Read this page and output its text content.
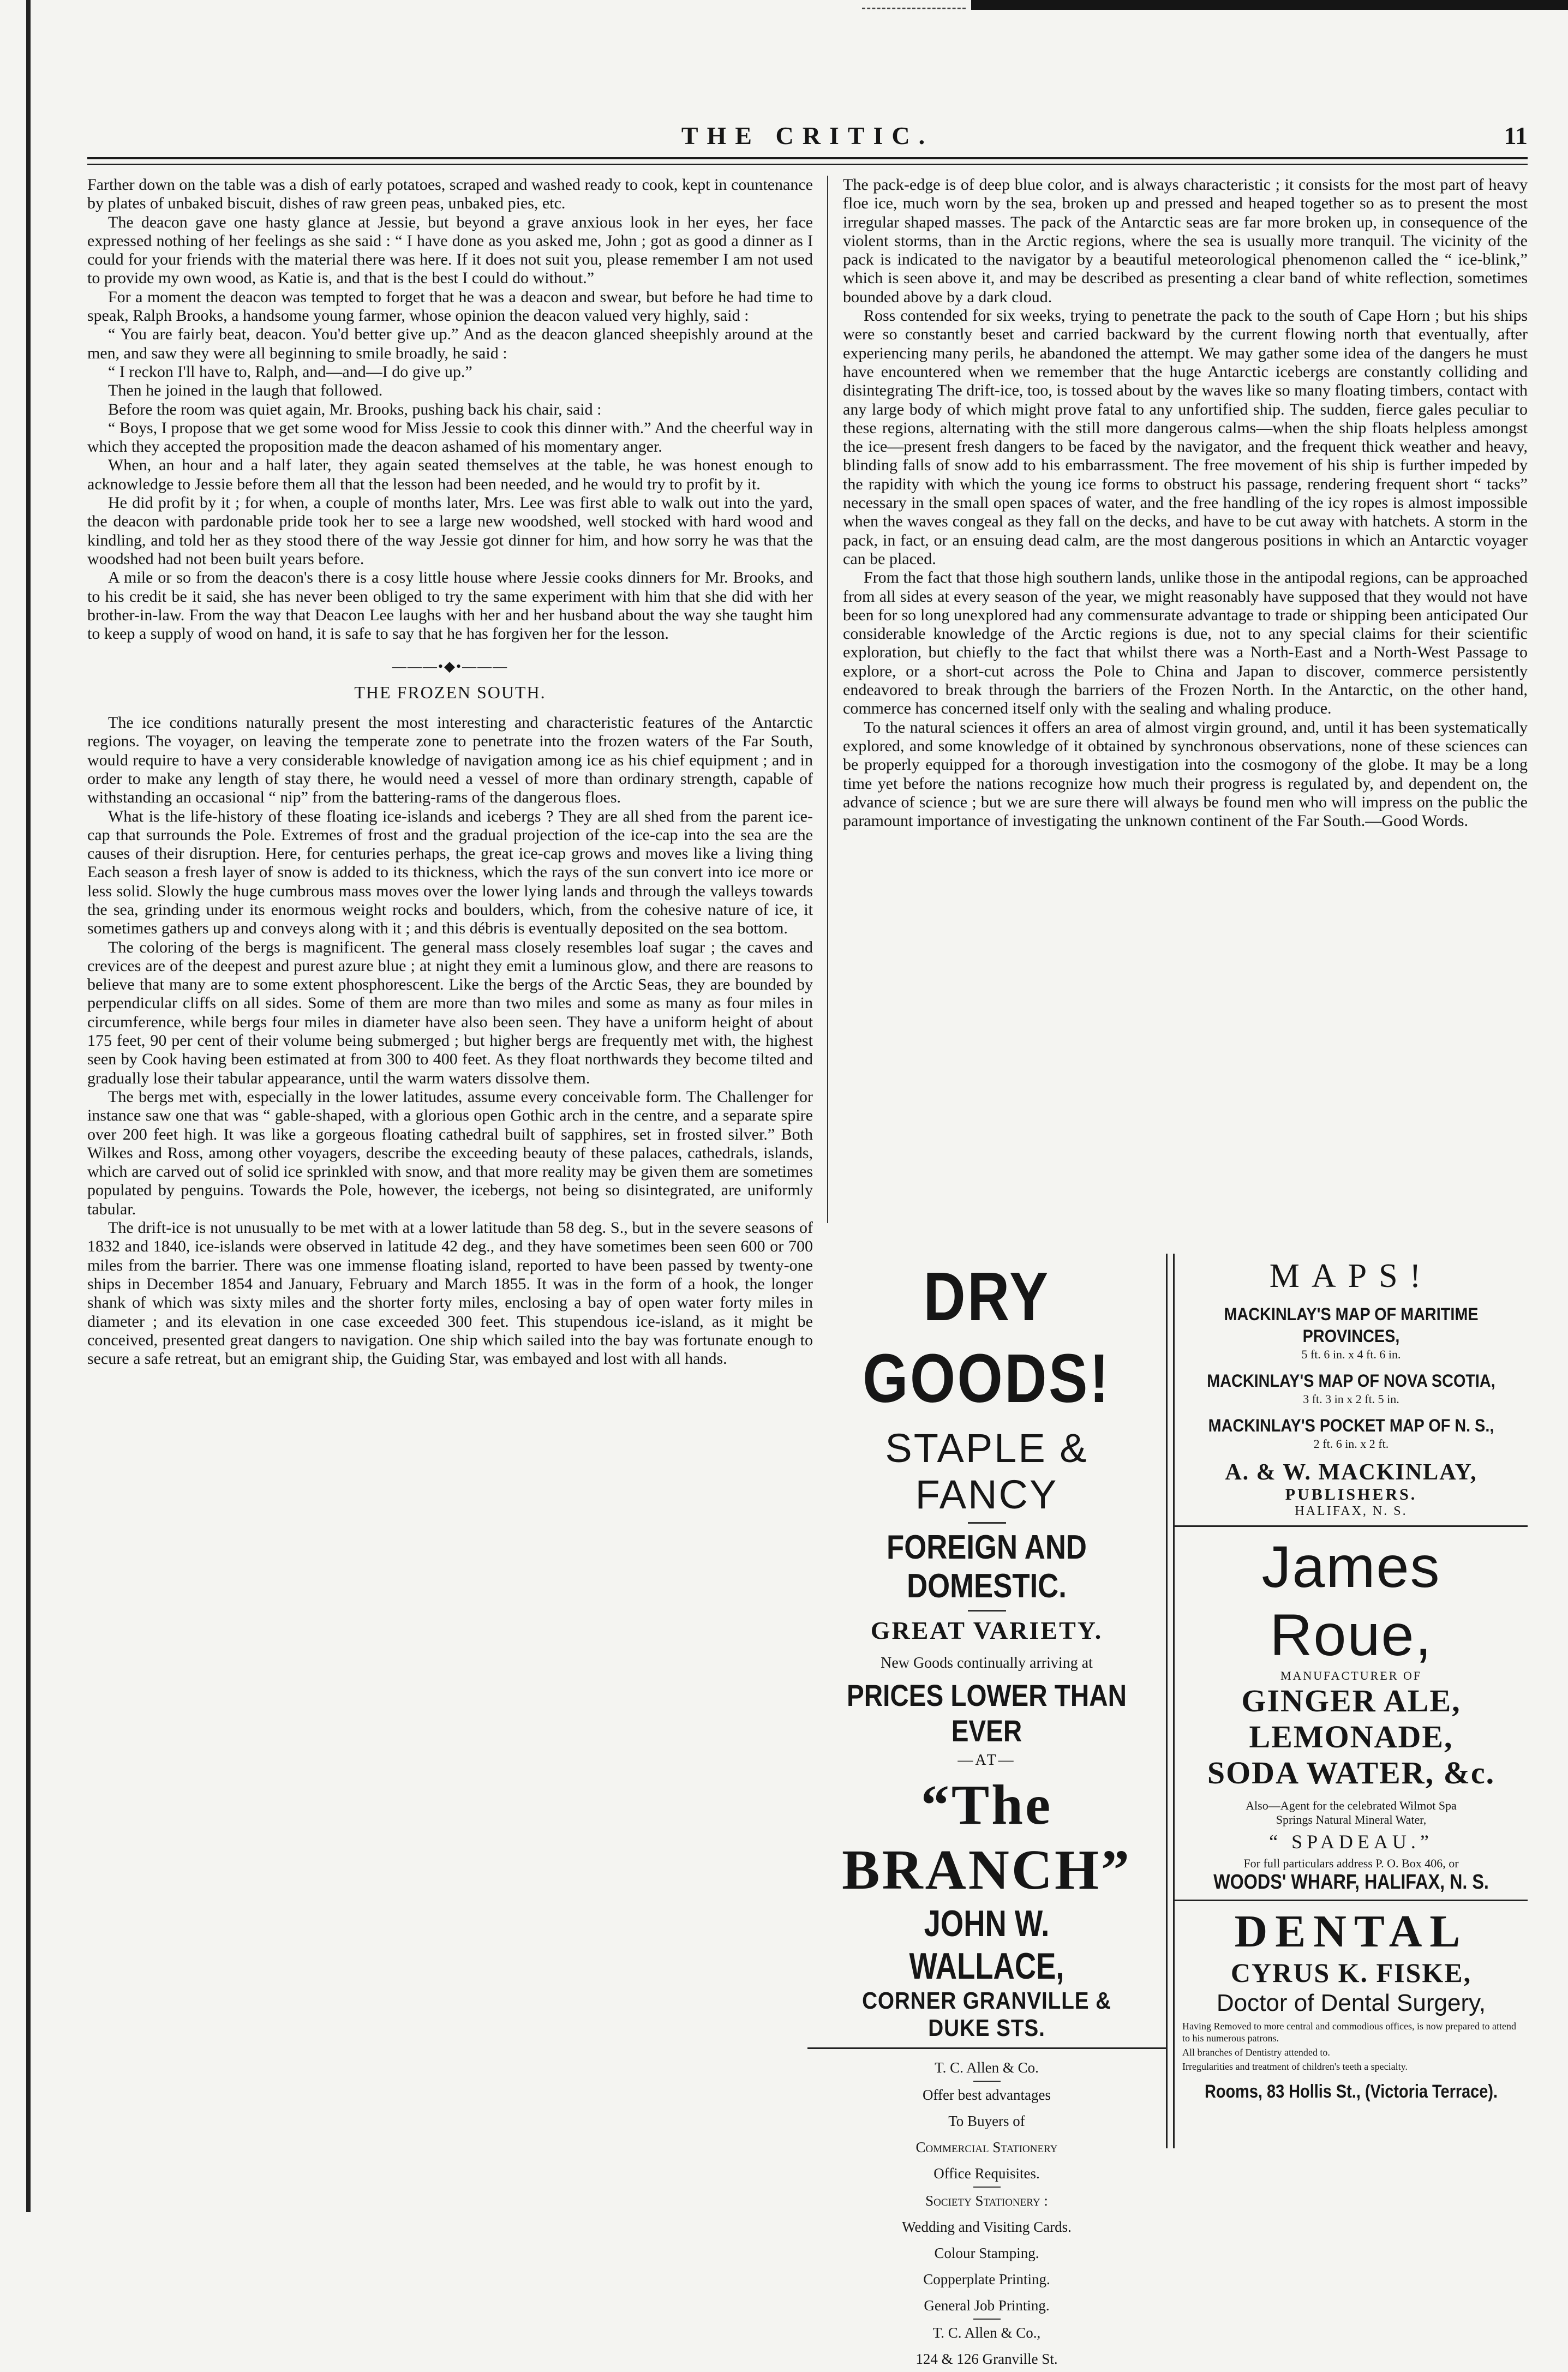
THE CRITIC.	11

Farther down on the table was a dish of early potatoes, scraped and washed ready to cook, kept in countenance by plates of unbaked biscuit, dishes of raw green peas, unbaked pies, etc.

The deacon gave one hasty glance at Jessie, but beyond a grave anxious look in her eyes, her face expressed nothing of her feelings as she said : “ I have done as you asked me, John ; got as good a dinner as I could for your friends with the material there was here. If it does not suit you, please remember I am not used to provide my own wood, as Katie is, and that is the best I could do without.”

For a moment the deacon was tempted to forget that he was a deacon and swear, but before he had time to speak, Ralph Brooks, a handsome young farmer, whose opinion the deacon valued very highly, said :

“ You are fairly beat, deacon. You'd better give up.” And as the deacon glanced sheepishly around at the men, and saw they were all beginning to smile broadly, he said :

“ I reckon I'll have to, Ralph, and—and—I do give up.”

Then he joined in the laugh that followed.

Before the room was quiet again, Mr. Brooks, pushing back his chair, said :

“ Boys, I propose that we get some wood for Miss Jessie to cook this dinner with.” And the cheerful way in which they accepted the proposition made the deacon ashamed of his momentary anger.

When, an hour and a half later, they again seated themselves at the table, he was honest enough to acknowledge to Jessie before them all that the lesson had been needed, and he would try to profit by it.

He did profit by it ; for when, a couple of months later, Mrs. Lee was first able to walk out into the yard, the deacon with pardonable pride took her to see a large new woodshed, well stocked with hard wood and kindling, and told her as they stood there of the way Jessie got dinner for him, and how sorry he was that the woodshed had not been built years before.

A mile or so from the deacon's there is a cosy little house where Jessie cooks dinners for Mr. Brooks, and to his credit be it said, she has never been obliged to try the same experiment with him that she did with her brother-in-law. From the way that Deacon Lee laughs with her and her husband about the way she taught him to keep a supply of wood on hand, it is safe to say that he has forgiven her for the lesson.

———•◆•———
THE FROZEN SOUTH.

The ice conditions naturally present the most interesting and characteristic features of the Antarctic regions. The voyager, on leaving the temperate zone to penetrate into the frozen waters of the Far South, would require to have a very considerable knowledge of navigation among ice as his chief equipment ; and in order to make any length of stay there, he would need a vessel of more than ordinary strength, capable of withstanding an occasional “ nip” from the battering-rams of the dangerous floes.

What is the life-history of these floating ice-islands and icebergs ? They are all shed from the parent ice-cap that surrounds the Pole. Extremes of frost and the gradual projection of the ice-cap into the sea are the causes of their disruption. Here, for centuries perhaps, the great ice-cap grows and moves like a living thing Each season a fresh layer of snow is added to its thickness, which the rays of the sun convert into ice more or less solid. Slowly the huge cumbrous mass moves over the lower lying lands and through the valleys towards the sea, grinding under its enormous weight rocks and boulders, which, from the cohesive nature of ice, it sometimes gathers up and conveys along with it ; and this débris is eventually deposited on the sea bottom.

The coloring of the bergs is magnificent. The general mass closely resembles loaf sugar ; the caves and crevices are of the deepest and purest azure blue ; at night they emit a luminous glow, and there are reasons to believe that many are to some extent phosphorescent. Like the bergs of the Arctic Seas, they are bounded by perpendicular cliffs on all sides. Some of them are more than two miles and some as many as four miles in circumference, while bergs four miles in diameter have also been seen. They have a uniform height of about 175 feet, 90 per cent of their volume being submerged ; but higher bergs are frequently met with, the highest seen by Cook having been estimated at from 300 to 400 feet. As they float northwards they become tilted and gradually lose their tabular appearance, until the warm waters dissolve them.

The bergs met with, especially in the lower latitudes, assume every conceivable form. The Challenger for instance saw one that was “ gable-shaped, with a glorious open Gothic arch in the centre, and a separate spire over 200 feet high. It was like a gorgeous floating cathedral built of sapphires, set in frosted silver.” Both Wilkes and Ross, among other voyagers, describe the exceeding beauty of these palaces, cathedrals, islands, which are carved out of solid ice sprinkled with snow, and that more reality may be given them are sometimes populated by penguins. Towards the Pole, however, the icebergs, not being so disintegrated, are uniformly tabular.

The drift-ice is not unusually to be met with at a lower latitude than 58 deg. S., but in the severe seasons of 1832 and 1840, ice-islands were observed in latitude 42 deg., and they have sometimes been seen 600 or 700 miles from the barrier. There was one immense floating island, reported to have been passed by twenty-one ships in December 1854 and January, February and March 1855. It was in the form of a hook, the longer shank of which was sixty miles and the shorter forty miles, enclosing a bay of open water forty miles in diameter ; and its elevation in one case exceeded 300 feet. This stupendous ice-island, as it might be conceived, presented great dangers to navigation. One ship which sailed into the bay was fortunate enough to secure a safe retreat, but an emigrant ship, the Guiding Star, was embayed and lost with all hands.

The pack-edge is of deep blue color, and is always characteristic ; it consists for the most part of heavy floe ice, much worn by the sea, broken up and pressed and heaped together so as to present the most irregular shaped masses. The pack of the Antarctic seas are far more broken up, in consequence of the violent storms, than in the Arctic regions, where the sea is usually more tranquil. The vicinity of the pack is indicated to the navigator by a beautiful meteorological phenomenon called the “ ice-blink,” which is seen above it, and may be described as presenting a clear band of white reflection, sometimes bounded above by a dark cloud.

Ross contended for six weeks, trying to penetrate the pack to the south of Cape Horn ; but his ships were so constantly beset and carried backward by the current flowing north that eventually, after experiencing many perils, he abandoned the attempt. We may gather some idea of the dangers he must have encountered when we remember that the huge Antarctic icebergs are constantly colliding and disintegrating The drift-ice, too, is tossed about by the waves like so many floating timbers, contact with any large body of which might prove fatal to any unfortified ship. The sudden, fierce gales peculiar to these regions, alternating with the still more dangerous calms—when the ship floats helpless amongst the ice—present fresh dangers to be faced by the navigator, and the frequent thick weather and heavy, blinding falls of snow add to his embarrassment. The free movement of his ship is further impeded by the rapidity with which the young ice forms to obstruct his passage, rendering frequent short “ tacks” necessary in the small open spaces of water, and the free handling of the icy ropes is almost impossible when the waves congeal as they fall on the decks, and have to be cut away with hatchets. A storm in the pack, in fact, or an ensuing dead calm, are the most dangerous positions in which an Antarctic voyager can be placed.

From the fact that those high southern lands, unlike those in the antipodal regions, can be approached from all sides at every season of the year, we might reasonably have supposed that they would not have been for so long unexplored had any commensurate advantage to trade or shipping been anticipated Our considerable knowledge of the Arctic regions is due, not to any special claims for their scientific exploration, but chiefly to the fact that whilst there was a North-East and a North-West Passage to explore, or a short-cut across the Pole to China and Japan to discover, commerce persistently endeavored to break through the barriers of the Frozen North. In the Antarctic, on the other hand, commerce has concerned itself only with the sealing and whaling produce.

To the natural sciences it offers an area of almost virgin ground, and, until it has been systematically explored, and some knowledge of it obtained by synchronous observations, none of these sciences can be properly equipped for a thorough investigation into the cosmogony of the globe. It may be a long time yet before the nations recognize how much their progress is regulated by, and dependent on, the advance of science ; but we are sure there will always be found men who will impress on the public the paramount importance of investigating the unknown continent of the Far South.—Good Words.

DRY GOODS!
STAPLE & FANCY
FOREIGN AND DOMESTIC.
GREAT VARIETY.
New Goods continually arriving at
PRICES LOWER THAN EVER
—AT—
“The BRANCH”
JOHN W. WALLACE,
CORNER GRANVILLE & DUKE STS.
T. C. Allen & Co.
Offer best advantages
To Buyers of
Commercial Stationery
Office Requisites.
Society Stationery :
Wedding and Visiting Cards.
Colour Stamping.
Copperplate Printing.
General Job Printing.
T. C. Allen & Co.,
124 & 126 Granville St.
MAPS!
MACKINLAY'S MAP OF MARITIME PROVINCES,
5 ft. 6 in. x 4 ft. 6 in.
MACKINLAY'S MAP OF NOVA SCOTIA,
3 ft. 3 in x 2 ft. 5 in.
MACKINLAY'S POCKET MAP OF N. S.,
2 ft. 6 in. x 2 ft.
A. & W. MACKINLAY,
PUBLISHERS.
HALIFAX, N. S.
James Roue,
MANUFACTURER OF
GINGER ALE,
LEMONADE,
SODA WATER, &c.
Also—Agent for the celebrated Wilmot Spa
Springs Natural Mineral Water,
“ SPADEAU.”
For full particulars address P. O. Box 406, or
WOODS' WHARF, HALIFAX, N. S.
DENTAL
CYRUS K. FISKE,
Doctor of Dental Surgery,
Having Removed to more central and commodious offices, is now prepared to attend to his numerous patrons.
All branches of Dentistry attended to.
Irregularities and treatment of children's teeth a specialty.
Rooms, 83 Hollis St., (Victoria Terrace).
